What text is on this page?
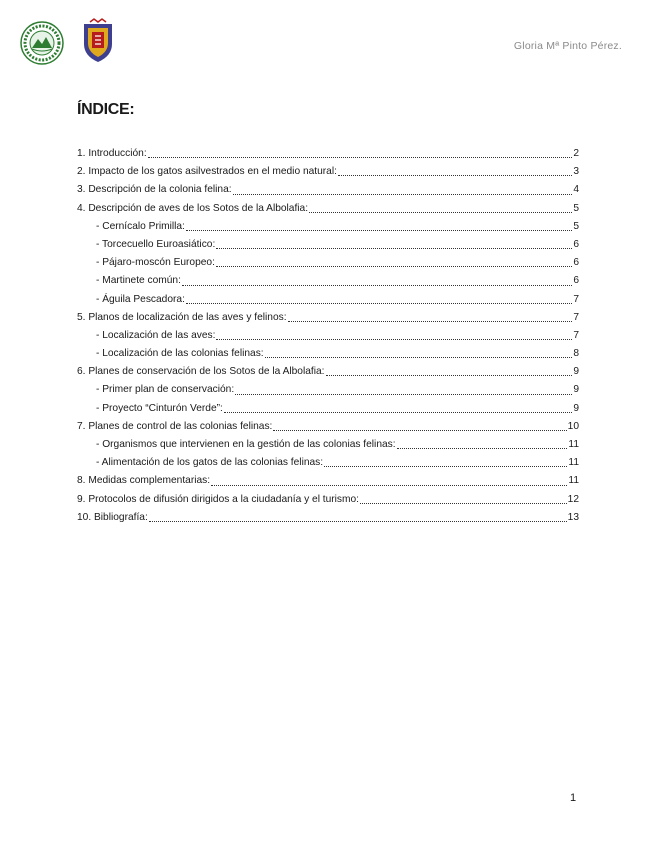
Gloria Mª Pinto Pérez.
ÍNDICE:
1. Introducción:	2
2. Impacto de los gatos asilvestrados en el medio natural:	3
3. Descripción de la colonia felina:	4
4. Descripción de aves de los Sotos de la Albolafia:	5
- Cernícalo Primilla:	5
- Torcecuello Euroasiático:	6
- Pájaro-moscón Europeo:	6
- Martinete común:	6
- Águila Pescadora:	7
5. Planos de localización de las aves y felinos:	7
- Localización de las aves:	7
- Localización de las colonias felinas:	8
6. Planes de conservación de los Sotos de la Albolafia:	9
- Primer plan de conservación:	9
- Proyecto “Cinturón Verde”:	9
7. Planes de control de las colonias felinas:	10
- Organismos que intervienen en la gestión de las colonias felinas:	11
- Alimentación de los gatos de las colonias felinas:	11
8. Medidas complementarias:	11
9. Protocolos de difusión dirigidos a la ciudadanía y el turismo:	12
10. Bibliografía:	13
1
